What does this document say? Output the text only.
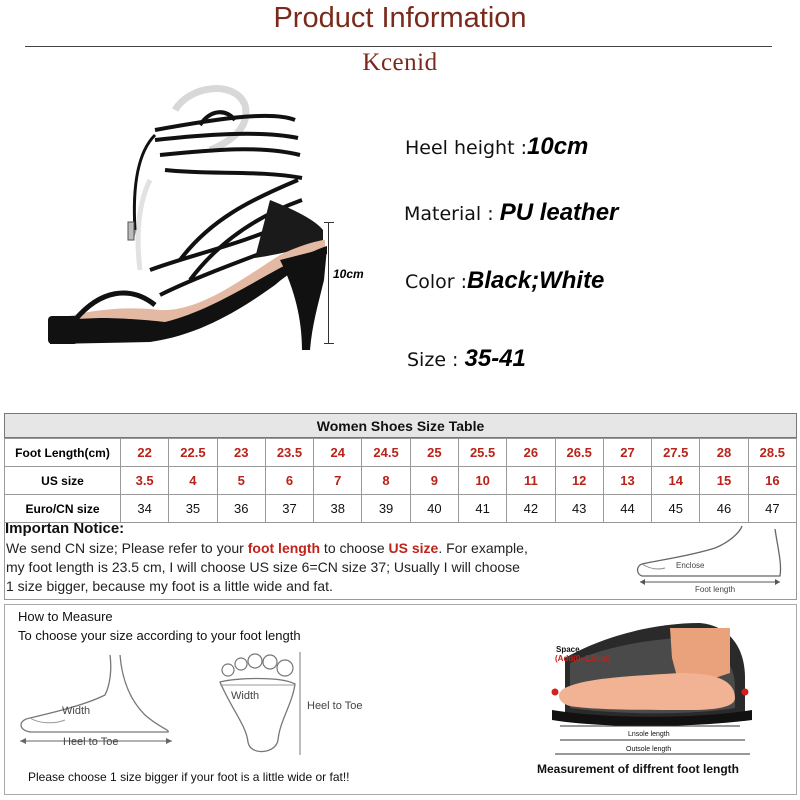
Product Information
Kcenid
10cm
Heel height :10cm
Material : PU leather
Color :Black;White
Size : 35-41
Women Shoes Size Table
Foot Length(cm)	22	22.5	23	23.5	24	24.5	25	25.5	26	26.5	27	27.5	28	28.5
US size	3.5	4	5	6	7	8	9	10	11	12	13	14	15	16
Euro/CN size	34	35	36	37	38	39	40	41	42	43	44	45	46	47
Importan Notice:
We send CN size; Please refer to your foot length to choose US size. For example,
my foot length is 23.5 cm, I will choose US size 6=CN size 37; Usually I will choose
1 size bigger, because my foot is a little wide and fat.
Enclose
Foot length
How to Measure
To choose your size according to your foot length
Width
Heel to Toe
Width
Heel to Toe
Please choose 1 size bigger if your foot is a little wide or fat!!
Space
(Add(0~1.5cm)
Foot length
Lnsole length
Outsole length
Measurement of diffrent foot length
